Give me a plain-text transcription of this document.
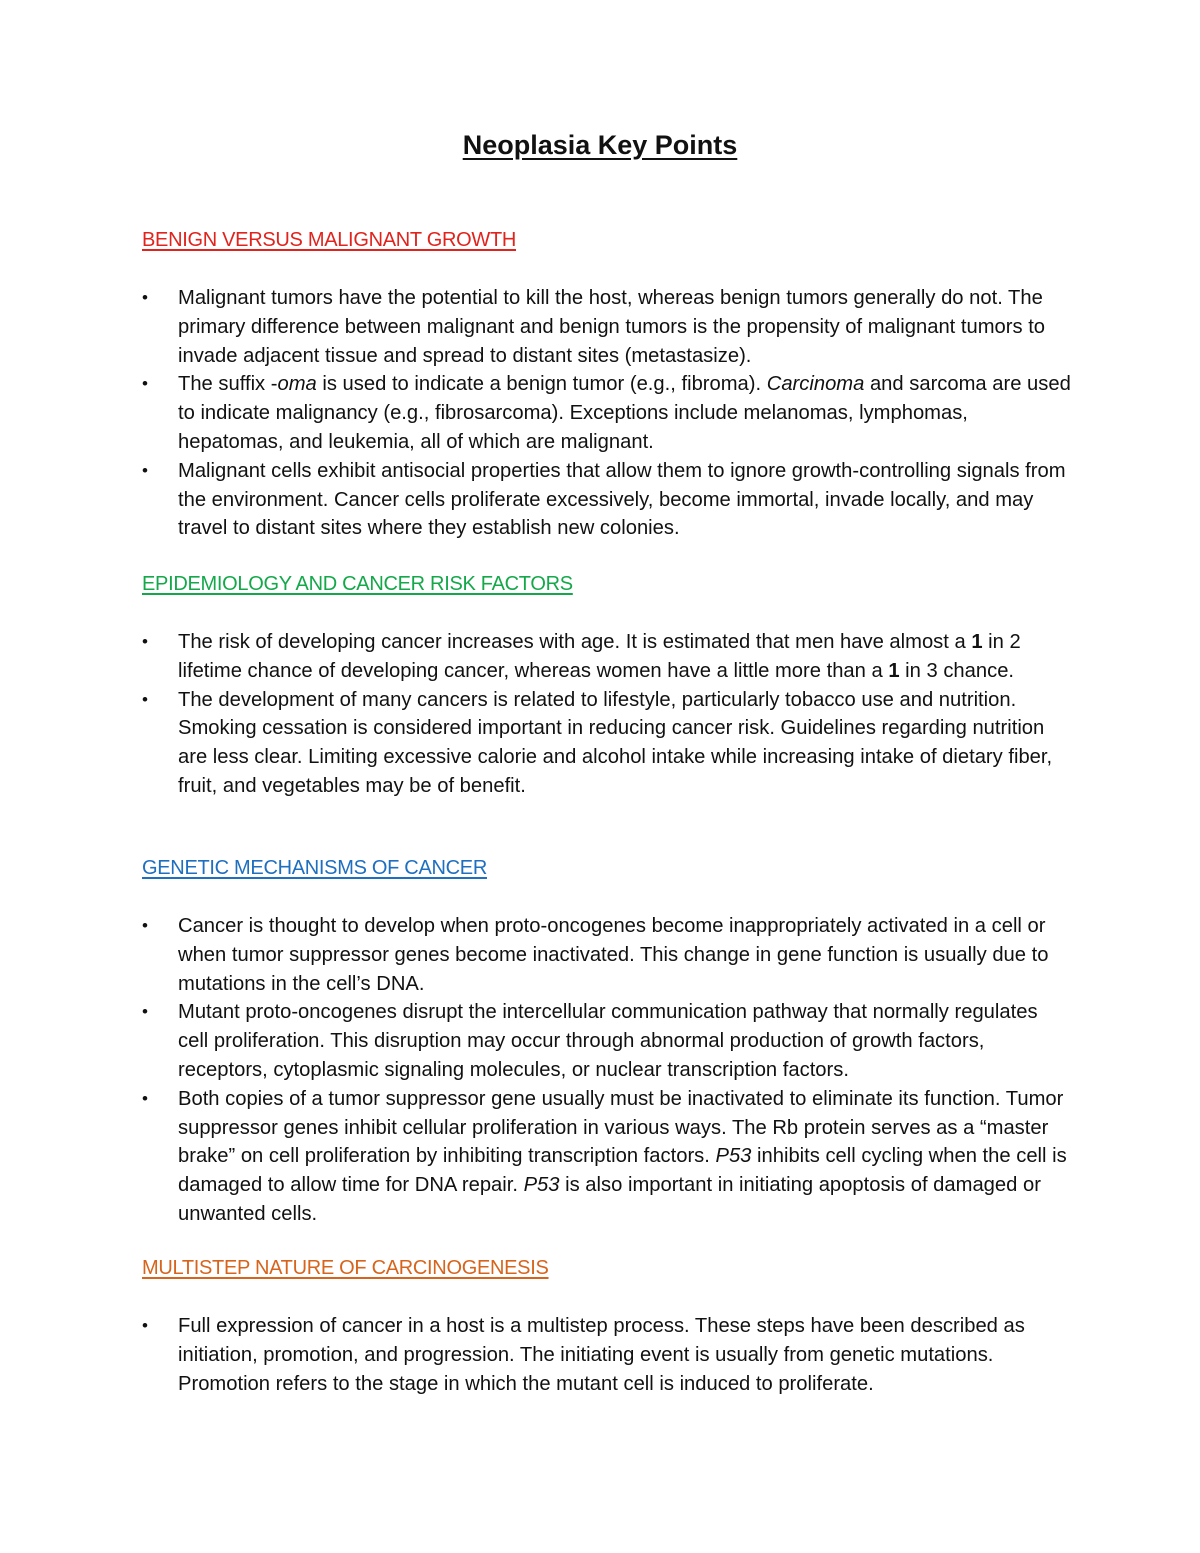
Neoplasia Key Points
BENIGN VERSUS MALIGNANT GROWTH
• Malignant tumors have the potential to kill the host, whereas benign tumors generally do not. The primary difference between malignant and benign tumors is the propensity of malignant tumors to invade adjacent tissue and spread to distant sites (metastasize).
• The suffix -oma is used to indicate a benign tumor (e.g., fibroma). Carcinoma and sarcoma are used to indicate malignancy (e.g., fibrosarcoma). Exceptions include melanomas, lymphomas, hepatomas, and leukemia, all of which are malignant.
• Malignant cells exhibit antisocial properties that allow them to ignore growth-controlling signals from the environment. Cancer cells proliferate excessively, become immortal, invade locally, and may travel to distant sites where they establish new colonies.
EPIDEMIOLOGY AND CANCER RISK FACTORS
• The risk of developing cancer increases with age. It is estimated that men have almost a 1 in 2 lifetime chance of developing cancer, whereas women have a little more than a 1 in 3 chance.
• The development of many cancers is related to lifestyle, particularly tobacco use and nutrition. Smoking cessation is considered important in reducing cancer risk. Guidelines regarding nutrition are less clear. Limiting excessive calorie and alcohol intake while increasing intake of dietary fiber, fruit, and vegetables may be of benefit.
GENETIC MECHANISMS OF CANCER
• Cancer is thought to develop when proto-oncogenes become inappropriately activated in a cell or when tumor suppressor genes become inactivated. This change in gene function is usually due to mutations in the cell’s DNA.
• Mutant proto-oncogenes disrupt the intercellular communication pathway that normally regulates cell proliferation. This disruption may occur through abnormal production of growth factors, receptors, cytoplasmic signaling molecules, or nuclear transcription factors.
• Both copies of a tumor suppressor gene usually must be inactivated to eliminate its function. Tumor suppressor genes inhibit cellular proliferation in various ways. The Rb protein serves as a “master brake” on cell proliferation by inhibiting transcription factors. P53 inhibits cell cycling when the cell is damaged to allow time for DNA repair. P53 is also important in initiating apoptosis of damaged or unwanted cells.
MULTISTEP NATURE OF CARCINOGENESIS
• Full expression of cancer in a host is a multistep process. These steps have been described as initiation, promotion, and progression. The initiating event is usually from genetic mutations. Promotion refers to the stage in which the mutant cell is induced to proliferate.
